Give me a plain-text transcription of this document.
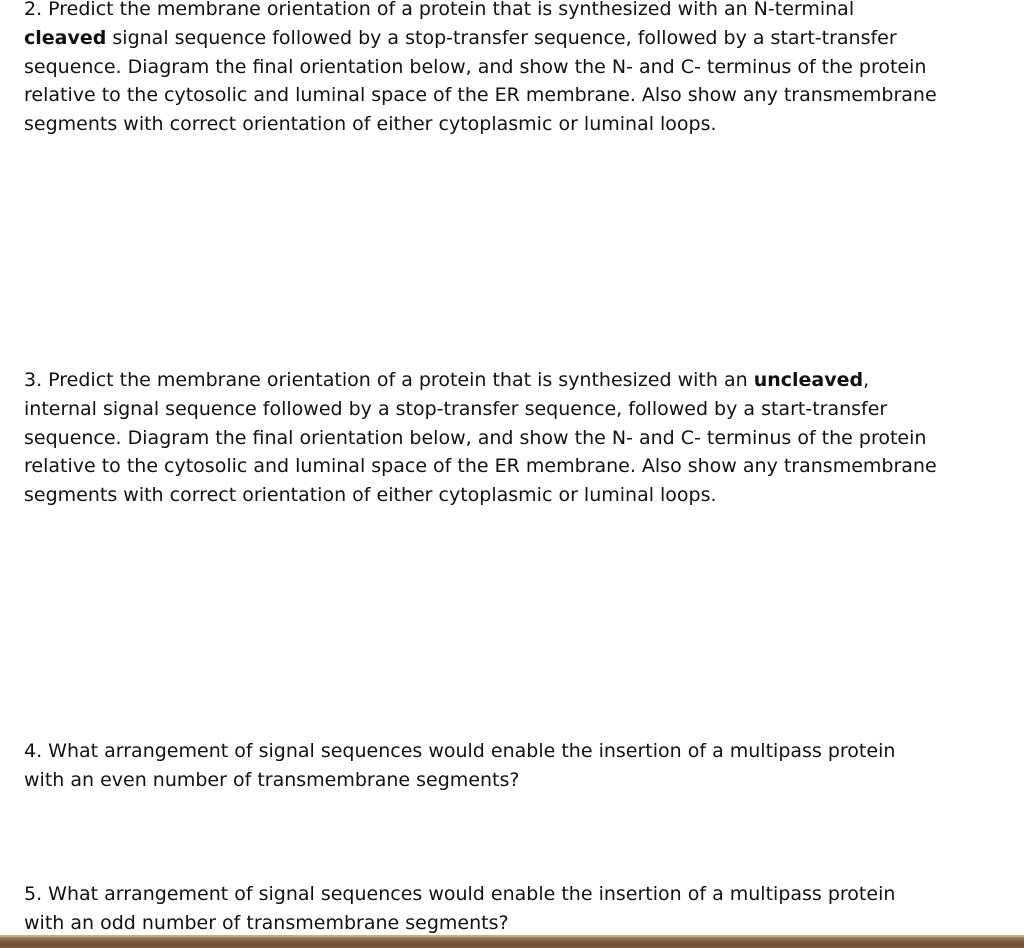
2. Predict the membrane orientation of a protein that is synthesized with an N-terminal
cleaved signal sequence followed by a stop-transfer sequence, followed by a start-transfer
sequence. Diagram the final orientation below, and show the N- and C- terminus of the protein
relative to the cytosolic and luminal space of the ER membrane. Also show any transmembrane
segments with correct orientation of either cytoplasmic or luminal loops.
3. Predict the membrane orientation of a protein that is synthesized with an uncleaved,
internal signal sequence followed by a stop-transfer sequence, followed by a start-transfer
sequence. Diagram the final orientation below, and show the N- and C- terminus of the protein
relative to the cytosolic and luminal space of the ER membrane. Also show any transmembrane
segments with correct orientation of either cytoplasmic or luminal loops.
4. What arrangement of signal sequences would enable the insertion of a multipass protein
with an even number of transmembrane segments?
5. What arrangement of signal sequences would enable the insertion of a multipass protein
with an odd number of transmembrane segments?
